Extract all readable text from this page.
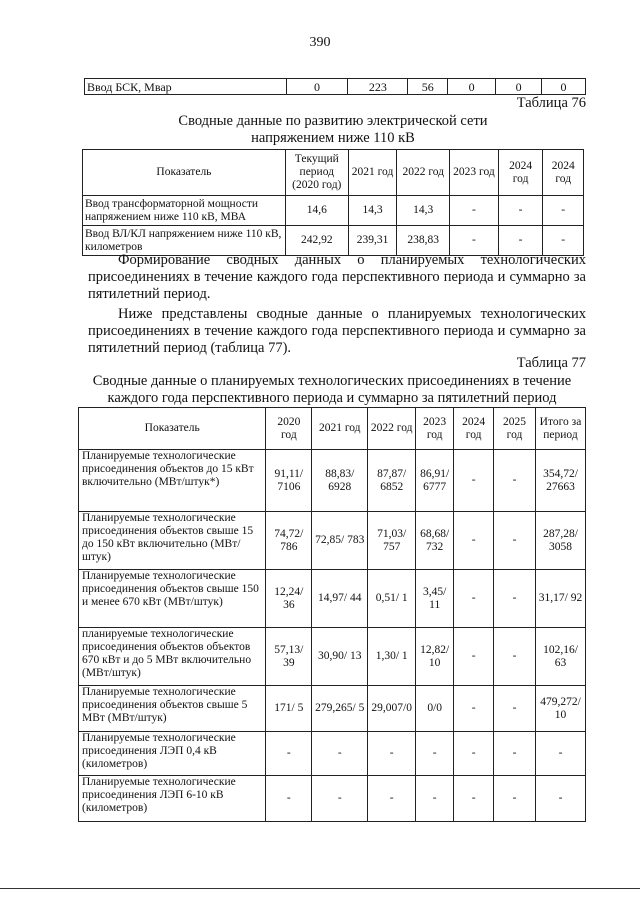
390
Ввод БСК, Мвар	0	223	56	0	0	0
Таблица 76
Сводные данные по развитию электрической сети
напряжением ниже 110 кВ
Показатель	Текущий период (2020 год)	2021 год	2022 год	2023 год	2024 год	2024 год
Ввод трансформаторной мощности напряжением ниже 110 кВ, МВА	14,6	14,3	14,3	-	-	-
Ввод ВЛ/КЛ напряжением ниже 110 кВ, километров	242,92	239,31	238,83	-	-	-
Формирование сводных данных о планируемых технологических присоединениях в течение каждого года перспективного периода и суммарно за пятилетний период.
Ниже представлены сводные данные о планируемых технологических присоединениях в течение каждого года перспективного периода и суммарно за пятилетний период (таблица 77).
Таблица 77
Сводные данные о планируемых технологических присоединениях в течение
каждого года перспективного периода и суммарно за пятилетний период
Показатель	2020 год	2021 год	2022 год	2023 год	2024 год	2025 год	Итого за период
Планируемые технологические присоединения объектов до 15 кВт включительно (МВт/штук*)	91,11/ 7106	88,83/ 6928	87,87/ 6852	86,91/ 6777	-	-	354,72/ 27663
Планируемые технологические присоединения объектов свыше 15 до 150 кВт включительно (МВт/штук)	74,72/ 786	72,85/ 783	71,03/ 757	68,68/ 732	-	-	287,28/ 3058
Планируемые технологические присоединения объектов свыше 150 и менее 670 кВт (МВт/штук)	12,24/ 36	14,97/ 44	0,51/ 1	3,45/ 11	-	-	31,17/ 92
планируемые технологические присоединения объектов объектов 670 кВт и до 5 МВт включительно (МВт/штук)	57,13/ 39	30,90/ 13	1,30/ 1	12,82/ 10	-	-	102,16/ 63
Планируемые технологические присоединения объектов свыше 5 МВт (МВт/штук)	171/ 5	279,265/ 5	29,007/0	0/0	-	-	479,272/ 10
Планируемые технологические присоединения ЛЭП 0,4 кВ (километров)	-	-	-	-	-	-	-
Планируемые технологические присоединения ЛЭП 6-10 кВ (километров)	-	-	-	-	-	-	-
